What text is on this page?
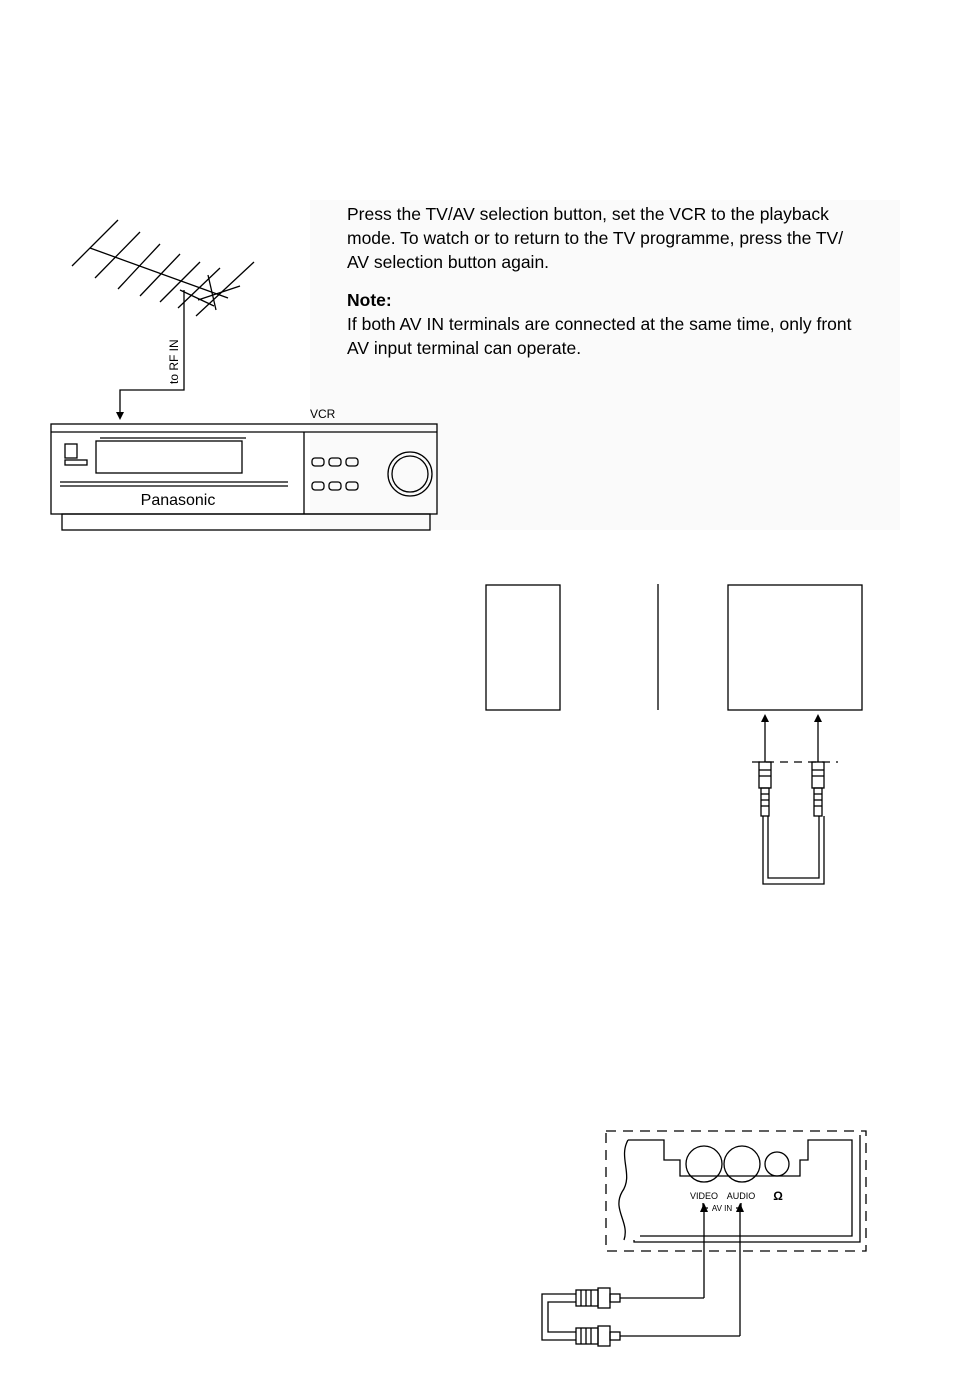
Press the TV/AV selection button, set the VCR to the playback

mode. To watch or to return to the TV programme, press the TV/

AV selection button again.

Note:

If both AV IN terminals are connected at the same time, only front

AV input terminal can operate.

to RF IN
VCR
Panasonic
VIDEO AUDIO
AV IN
Ω
